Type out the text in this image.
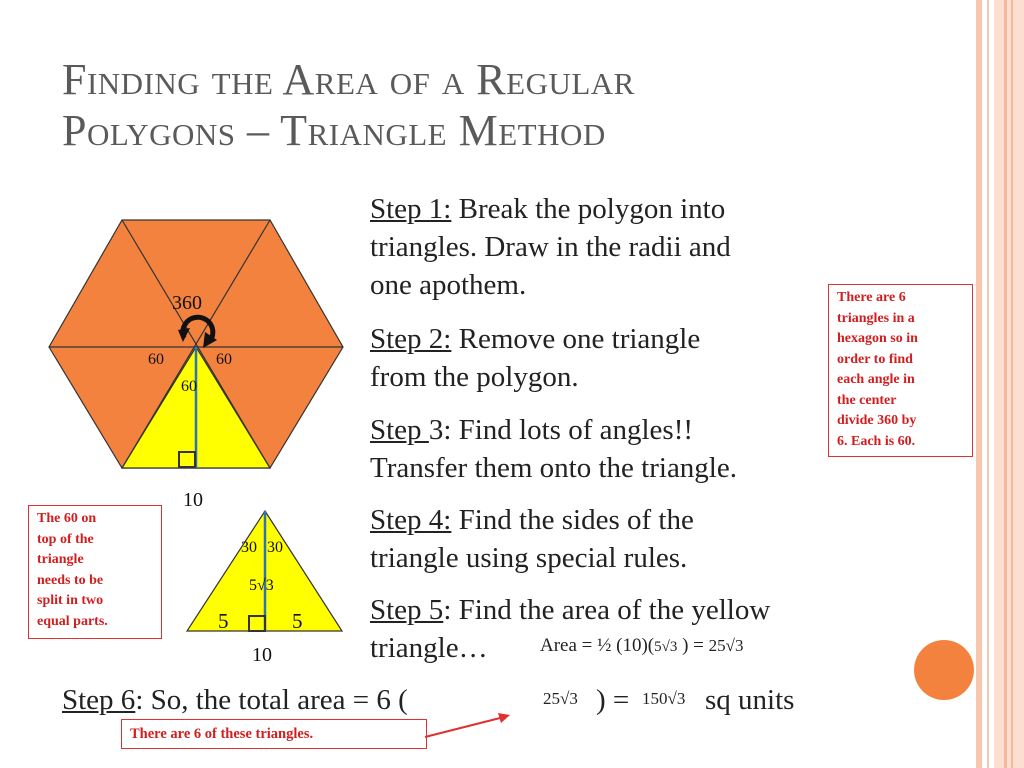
Finding the Area of a Regular
Polygons – Triangle Method
360
60	60
60
10
30 30
5√3
5	5
10
Step 1: Break the polygon into
triangles. Draw in the radii and
one apothem.
Step 2: Remove one triangle
from the polygon.
Step 3: Find lots of angles!!
Transfer them onto the triangle.
Step 4: Find the sides of the
triangle using special rules.
Step 5: Find the area of the yellow
triangle…	Area = ½ (10)(5√3 ) = 25√3
Step 6: So, the total area = 6 (	25√3 ) = 150√3 sq units
There are 6
triangles in a
hexagon so in
order to find
each angle in
the center
divide 360 by
6. Each is 60.
The 60 on
top of the
triangle
needs to be
split in two
equal parts.
There are 6 of these triangles.
